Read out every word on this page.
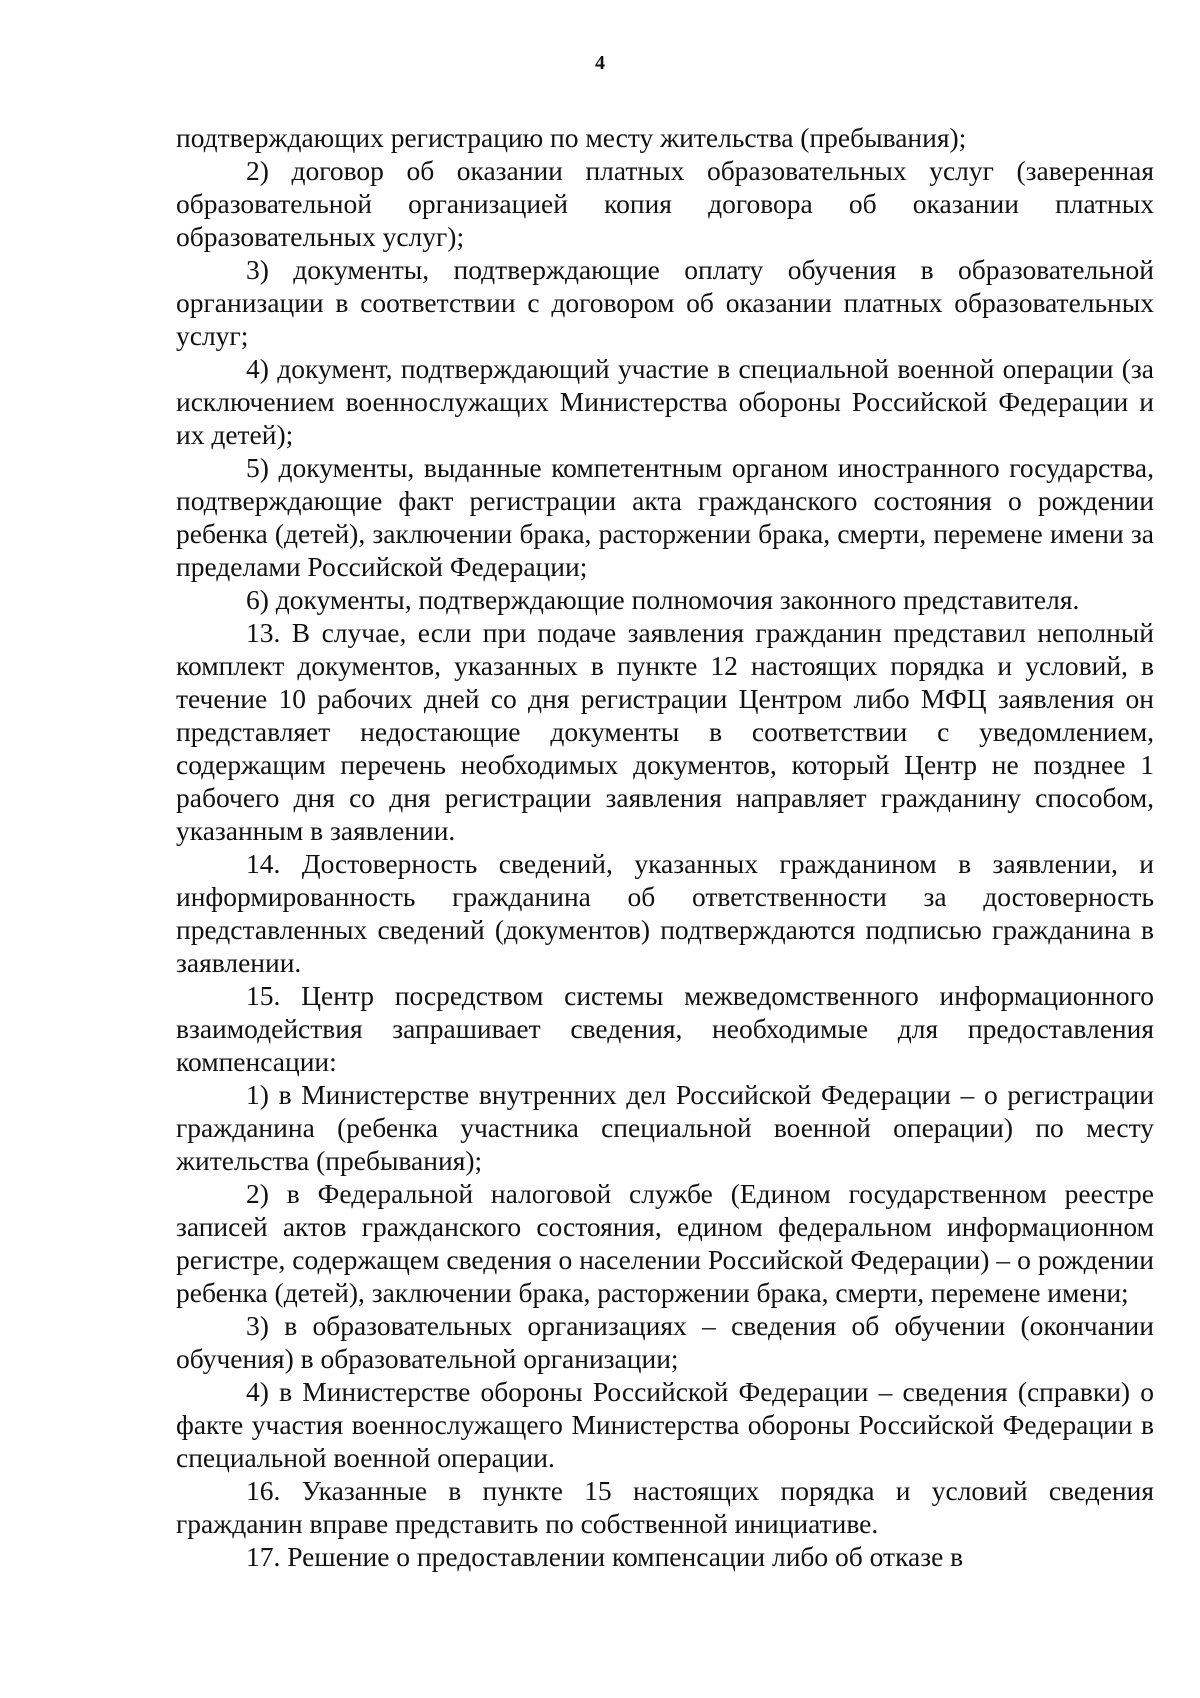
4

подтверждающих регистрацию по месту жительства (пребывания);

2) договор об оказании платных образовательных услуг (заверенная образовательной организацией копия договора об оказании платных образовательных услуг);

3) документы, подтверждающие оплату обучения в образовательной организации в соответствии с договором об оказании платных образовательных услуг;

4) документ, подтверждающий участие в специальной военной операции (за исключением военнослужащих Министерства обороны Российской Федерации и их детей);

5) документы, выданные компетентным органом иностранного государства, подтверждающие факт регистрации акта гражданского состояния о рождении ребенка (детей), заключении брака, расторжении брака, смерти, перемене имени за пределами Российской Федерации;

6) документы, подтверждающие полномочия законного представителя.

13. В случае, если при подаче заявления гражданин представил неполный комплект документов, указанных в пункте 12 настоящих порядка и условий, в течение 10 рабочих дней со дня регистрации Центром либо МФЦ заявления он представляет недостающие документы в соответствии с уведомлением, содержащим перечень необходимых документов, который Центр не позднее 1 рабочего дня со дня регистрации заявления направляет гражданину способом, указанным в заявлении.

14. Достоверность сведений, указанных гражданином в заявлении, и информированность гражданина об ответственности за достоверность представленных сведений (документов) подтверждаются подписью гражданина в заявлении.

15. Центр посредством системы межведомственного информационного взаимодействия запрашивает сведения, необходимые для предоставления компенсации:

1) в Министерстве внутренних дел Российской Федерации – о регистрации гражданина (ребенка участника специальной военной операции) по месту жительства (пребывания);

2) в Федеральной налоговой службе (Едином государственном реестре записей актов гражданского состояния, едином федеральном информационном регистре, содержащем сведения о населении Российской Федерации) – о рождении ребенка (детей), заключении брака, расторжении брака, смерти, перемене имени;

3) в образовательных организациях – сведения об обучении (окончании обучения) в образовательной организации;

4) в Министерстве обороны Российской Федерации – сведения (справки) о факте участия военнослужащего Министерства обороны Российской Федерации в специальной военной операции.

16. Указанные в пункте 15 настоящих порядка и условий сведения гражданин вправе представить по собственной инициативе.

17. Решение о предоставлении компенсации либо об отказе в
